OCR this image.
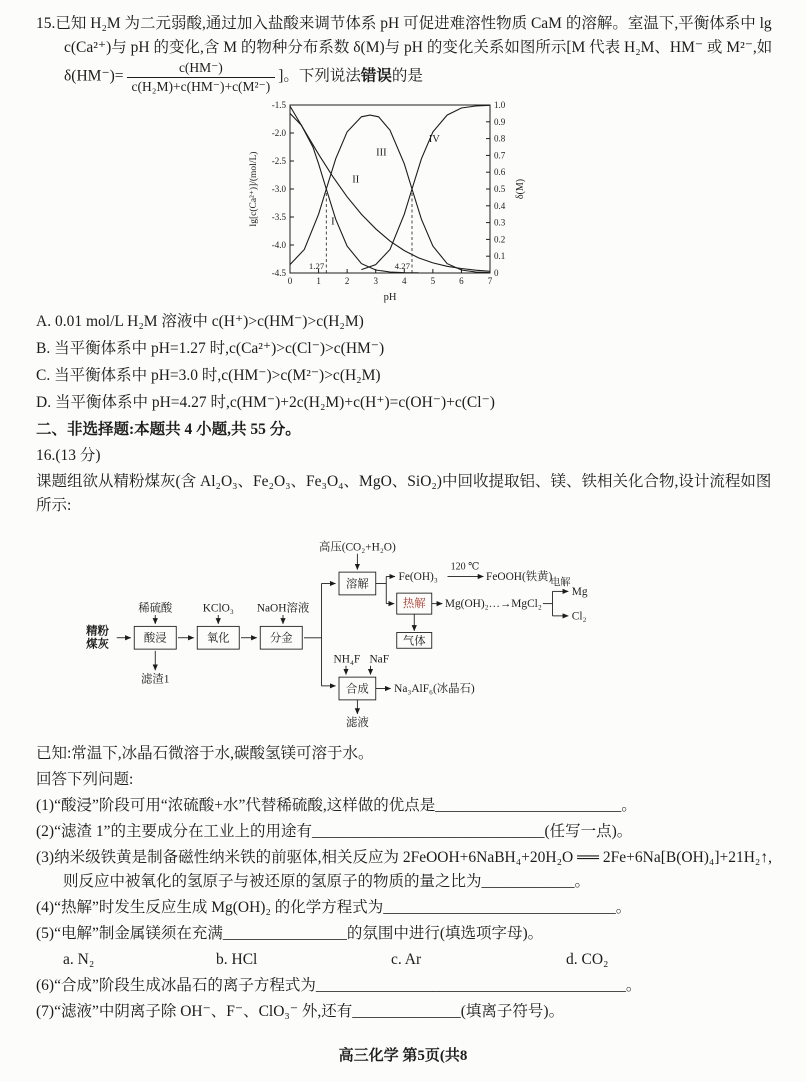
15.已知 H₂M 为二元弱酸,通过加入盐酸来调节体系 pH 可促进难溶性物质 CaM 的溶解。室温下,平衡体系中 lg c(Ca²⁺)与 pH 的变化,含 M 的物种分布系数 δ(M)与 pH 的变化关系如图所示[M 代表 H₂M、HM⁻ 或 M²⁻,如 $\delta(HM^-)= \frac{c(HM^-)}{\text{c(H₂M)+c(HM⁻)+c(M²⁻)}}$ ]。下列说法错误的是

-1.5
-2.0
-2.5
-3.0
-3.5
-4.0
-4.5
1.0
0.9
0.8
0.7
0.6
0.5
0.4
0.3
0.2
0.1
0
0	1	2	3	4	5	6	7
1.27	4.27
I
II
III
IV
lg[c(Ca²⁺)]/(mol/L)	δ(M)
pH

A. 0.01 mol/L H₂M 溶液中 c(H⁺)>c(HM⁻)>c(H₂M)

B. 当平衡体系中 pH=1.27 时,c(Ca²⁺)>c(Cl⁻)>c(HM⁻)

C. 当平衡体系中 pH=3.0 时,c(HM⁻)>c(M²⁻)>c(H₂M)

D. 当平衡体系中 pH=4.27 时,c(HM⁻)+2c(H₂M)+c(H⁺)=c(OH⁻)+c(Cl⁻)

二、非选择题:本题共 4 小题,共 55 分。

16.(13 分)

课题组欲从精粉煤灰(含 Al₂O₃、Fe₂O₃、Fe₃O₄、MgO、SiO₂)中回收提取铝、镁、铁相关化合物,设计流程如图所示:

精粉
煤灰	酸浸	氧化	分金
稀硫酸 KClO₃ NaOH溶液
滤渣1
高压(CO₂+H₂O)
溶解
Fe(OH)₃
120 ℃
FeOOH(铁黄)
热解 Mg(OH)₂…→MgCl₂
电解
Mg
Cl₂
气体
NH₄F NaF
合成 Na₃AlF₆(冰晶石)
滤液

已知:常温下,冰晶石微溶于水,碳酸氢镁可溶于水。

回答下列问题:

(1)“酸浸”阶段可用“浓硫酸+水”代替稀硫酸,这样做的优点是________________________。

(2)“滤渣 1”的主要成分在工业上的用途有______________________________(任写一点)。

(3)纳米级铁黄是制备磁性纳米铁的前驱体,相关反应为 2FeOOH+6NaBH₄+20H₂O ══ 2Fe+6Na[B(OH)₄]+21H₂↑,则反应中被氧化的氢原子与被还原的氢原子的物质的量之比为____________。

(4)“热解”时发生反应生成 Mg(OH)₂ 的化学方程式为______________________________。

(5)“电解”制金属镁须在充满________________的氛围中进行(填选项字母)。

a. N₂	b. HCl	c. Ar	d. CO₂

(6)“合成”阶段生成冰晶石的离子方程式为________________________________________。

(7)“滤液”中阴离子除 OH⁻、F⁻、ClO₃⁻ 外,还有______________(填离子符号)。

高三化学 第5页(共8
